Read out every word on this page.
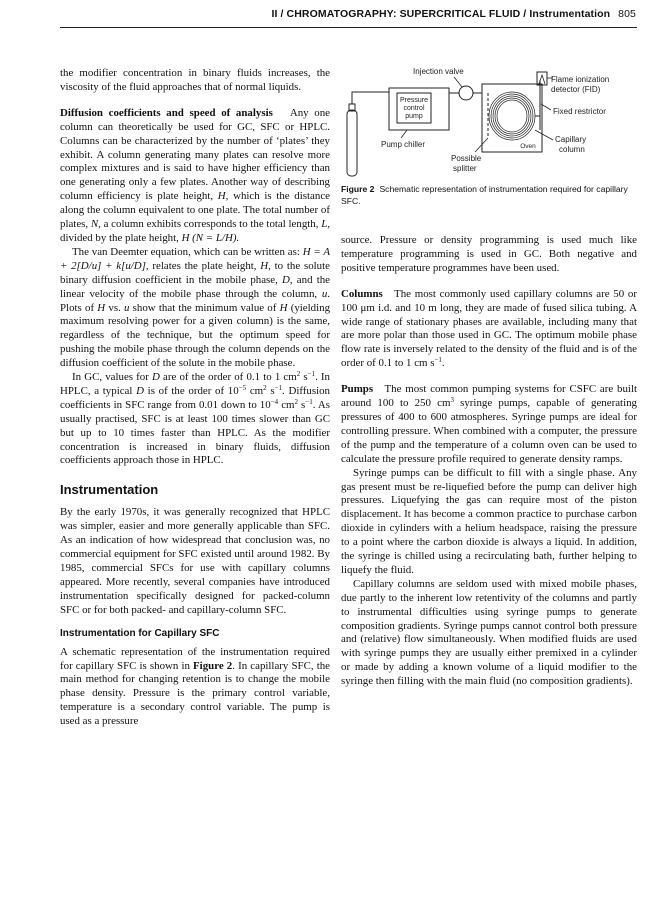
II / CHROMATOGRAPHY: SUPERCRITICAL FLUID / Instrumentation 805

the modifier concentration in binary fluids increases, the viscosity of the fluid approaches that of normal liquids.

Diffusion coefficients and speed of analysis Any one column can theoretically be used for GC, SFC or HPLC. Columns can be characterized by the number of ‘plates’ they exhibit. A column generating many plates can resolve more complex mixtures and is said to have higher efficiency than one generating only a few plates. Another way of describing column efficiency is plate height, H, which is the distance along the column equivalent to one plate. The total number of plates, N, a column exhibits corresponds to the total length, L, divided by the plate height, H (N = L/H).

The van Deemter equation, which can be written as: H = A + 2[D/u] + k[u/D], relates the plate height, H, to the solute binary diffusion coefficient in the mobile phase, D, and the linear velocity of the mobile phase through the column, u. Plots of H vs. u show that the minimum value of H (yielding maximum resolving power for a given column) is the same, regardless of the technique, but the optimum speed for pushing the mobile phase through the column depends on the diffusion coefficient of the solute in the mobile phase.

In GC, values for D are of the order of 0.1 to 1 $cm^2$ $s^{-1}$. In HPLC, a typical D is of the order of $10^{-5}$ $cm^2$ $s^{-1}$. Diffusion coefficients in SFC range from 0.01 down to $10^{-4}$ $cm^2$ $s^{-1}$. As usually practised, SFC is at least 100 times slower than GC but up to 10 times faster than HPLC. As the modifier concentration is increased in binary fluids, diffusion coefficients approach those in HPLC.

Instrumentation

By the early 1970s, it was generally recognized that HPLC was simpler, easier and more generally applicable than SFC. As an indication of how widespread that conclusion was, no commercial equipment for SFC existed until around 1982. By 1985, commercial SFCs for use with capillary columns appeared. More recently, several companies have introduced instrumentation specifically designed for packed-column SFC or for both packed- and capillary-column SFC.

Instrumentation for Capillary SFC

A schematic representation of the instrumentation required for capillary SFC is shown in Figure 2. In capillary SFC, the main method for changing retention is to change the mobile phase density. Pressure is the primary control variable, temperature is a secondary control variable. The pump is used as a pressure

Pressure
control
pump
Pump chiller
Injection valve
Oven
Possible
splitter
Flame ionization
detector (FID)
Fixed restrictor
Capillary
column
Figure 2 Schematic representation of instrumentation required for capillary SFC.

source. Pressure or density programming is used much like temperature programming is used in GC. Both negative and positive temperature programmes have been used.

Columns The most commonly used capillary columns are 50 or 100 μm i.d. and 10 m long, they are made of fused silica tubing. A wide range of stationary phases are available, including many that are more polar than those used in GC. The optimum mobile phase flow rate is inversely related to the density of the fluid and is of the order of 0.1 to 1 cm $s^{-1}$.

Pumps The most common pumping systems for CSFC are built around 100 to 250 $cm^3$ syringe pumps, capable of generating pressures of 400 to 600 atmospheres. Syringe pumps are ideal for controlling pressure. When combined with a computer, the pressure of the pump and the temperature of a column oven can be used to calculate the pressure profile required to generate density ramps.

Syringe pumps can be difficult to fill with a single phase. Any gas present must be re-liquefied before the pump can deliver high pressures. Liquefying the gas can require most of the piston displacement. It has become a common practice to purchase carbon dioxide in cylinders with a helium headspace, raising the pressure to a point where the carbon dioxide is always a liquid. In addition, the syringe is chilled using a recirculating bath, further helping to liquefy the fluid.

Capillary columns are seldom used with mixed mobile phases, due partly to the inherent low retentivity of the columns and partly to instrumental difficulties using syringe pumps to generate composition gradients. Syringe pumps cannot control both pressure and (relative) flow simultaneously. When modified fluids are used with syringe pumps they are usually either premixed in a cylinder or made by adding a known volume of a liquid modifier to the syringe then filling with the main fluid (no composition gradients).
